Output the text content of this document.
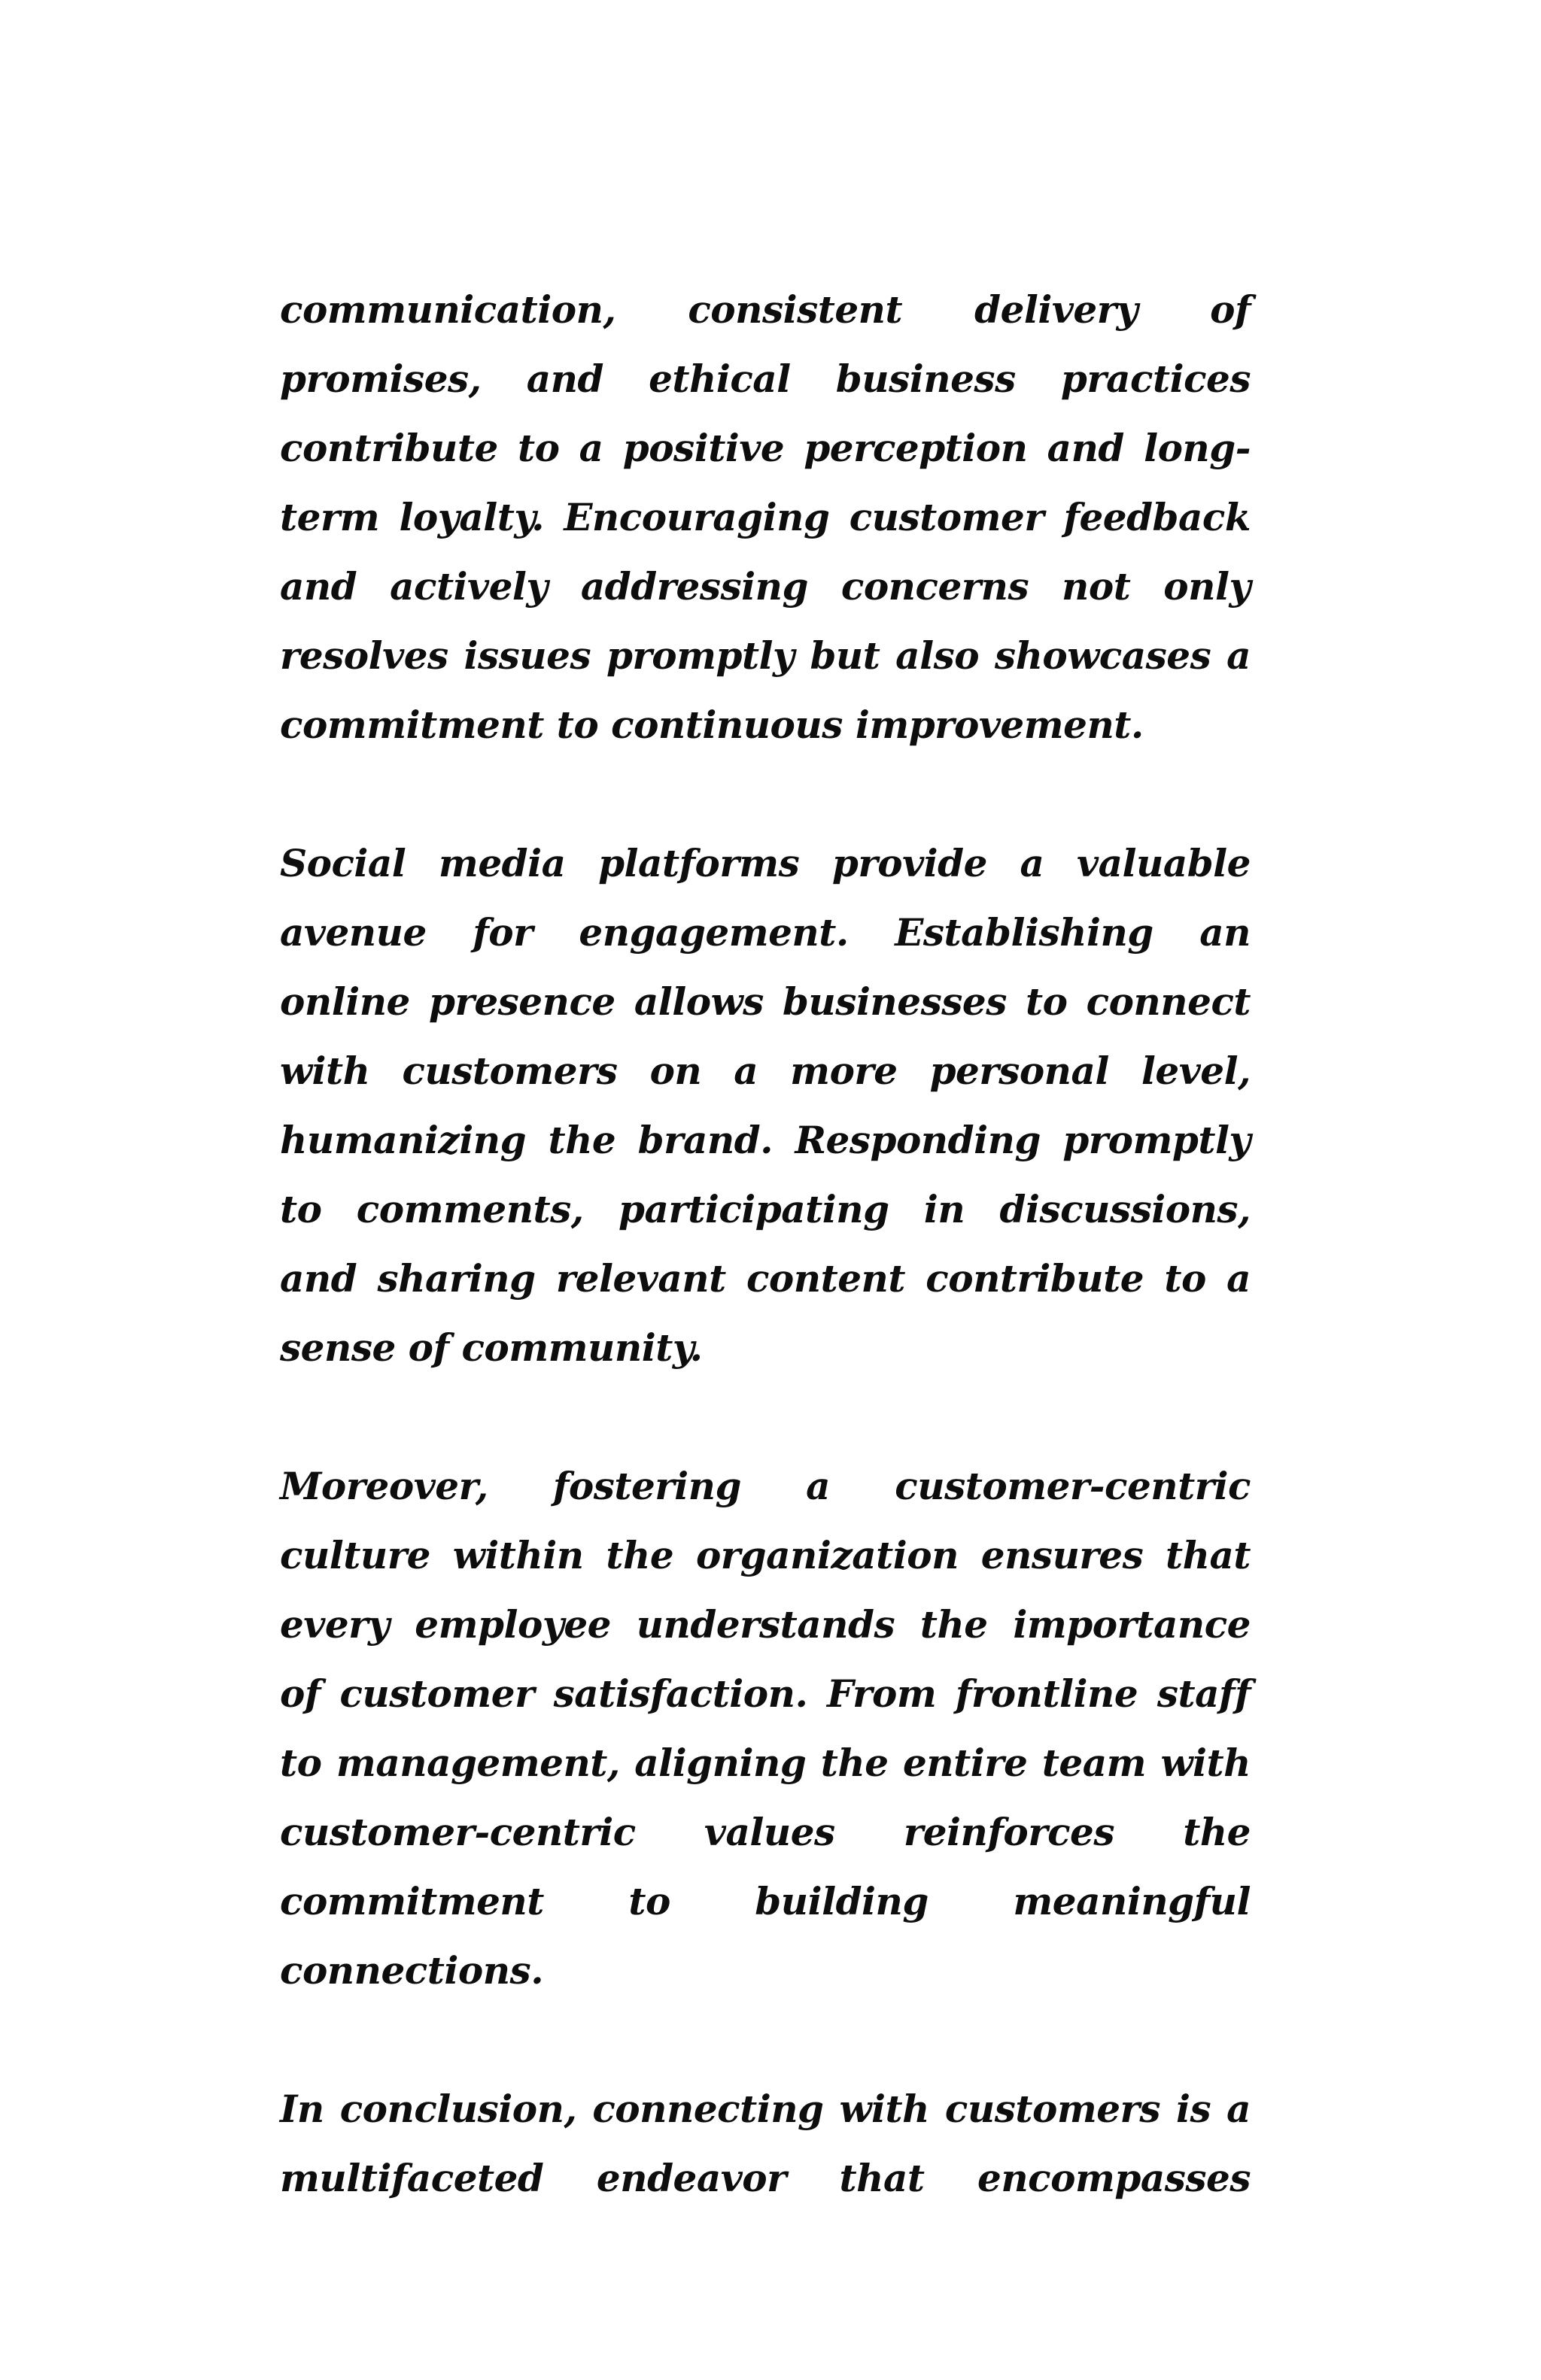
communication, consistent delivery of promises, and ethical business practices contribute to a positive perception and long-term loyalty. Encouraging customer feedback and actively addressing concerns not only resolves issues promptly but also showcases a commitment to continuous improvement.

Social media platforms provide a valuable avenue for engagement. Establishing an online presence allows businesses to connect with customers on a more personal level, humanizing the brand. Responding promptly to comments, participating in discussions, and sharing relevant content contribute to a sense of community.

Moreover, fostering a customer-centric culture within the organization ensures that every employee understands the importance of customer satisfaction. From frontline staff to management, aligning the entire team with customer-centric values reinforces the commitment to building meaningful connections.

In conclusion, connecting with customers is a multifaceted endeavor that encompasses
